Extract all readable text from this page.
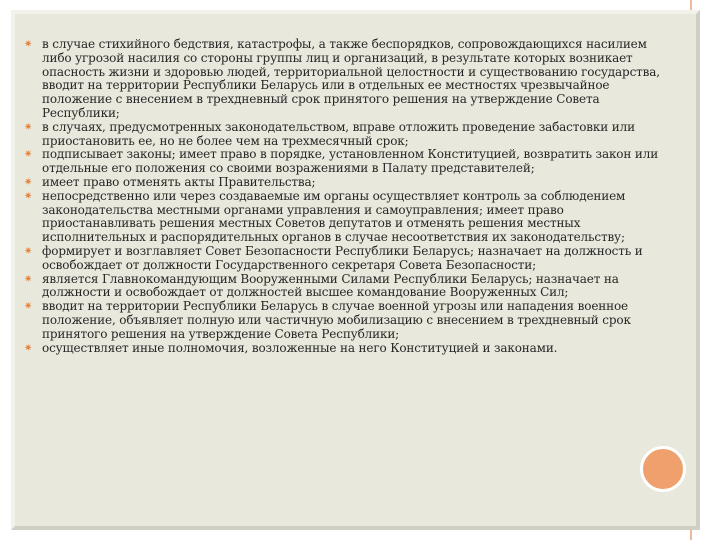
✷ в случае стихийного бедствия, катастрофы, а также беспорядков, сопровождающихся насилием либо угрозой насилия со стороны группы лиц и организаций, в результате которых возникает опасность жизни и здоровью людей, территориальной целостности и существованию государства, вводит на территории Республики Беларусь или в отдельных ее местностях чрезвычайное положение с внесением в трехдневный срок принятого решения на утверждение Совета Республики;
✷ в случаях, предусмотренных законодательством, вправе отложить проведение забастовки или приостановить ее, но не более чем на трехмесячный срок;
✷ подписывает законы; имеет право в порядке, установленном Конституцией, возвратить закон или отдельные его положения со своими возражениями в Палату представителей;
✷ имеет право отменять акты Правительства;
✷ непосредственно или через создаваемые им органы осуществляет контроль за соблюдением законодательства местными органами управления и самоуправления; имеет право приостанавливать решения местных Советов депутатов и отменять решения местных исполнительных и распорядительных органов в случае несоответствия их законодательству;
✷ формирует и возглавляет Совет Безопасности Республики Беларусь; назначает на должность и освобождает от должности Государственного секретаря Совета Безопасности;
✷ является Главнокомандующим Вооруженными Силами Республики Беларусь; назначает на должности и освобождает от должностей высшее командование Вооруженных Сил;
✷ вводит на территории Республики Беларусь в случае военной угрозы или нападения военное положение, объявляет полную или частичную мобилизацию с внесением в трехдневный срок принятого решения на утверждение Совета Республики;
✷ осуществляет иные полномочия, возложенные на него Конституцией и законами.
